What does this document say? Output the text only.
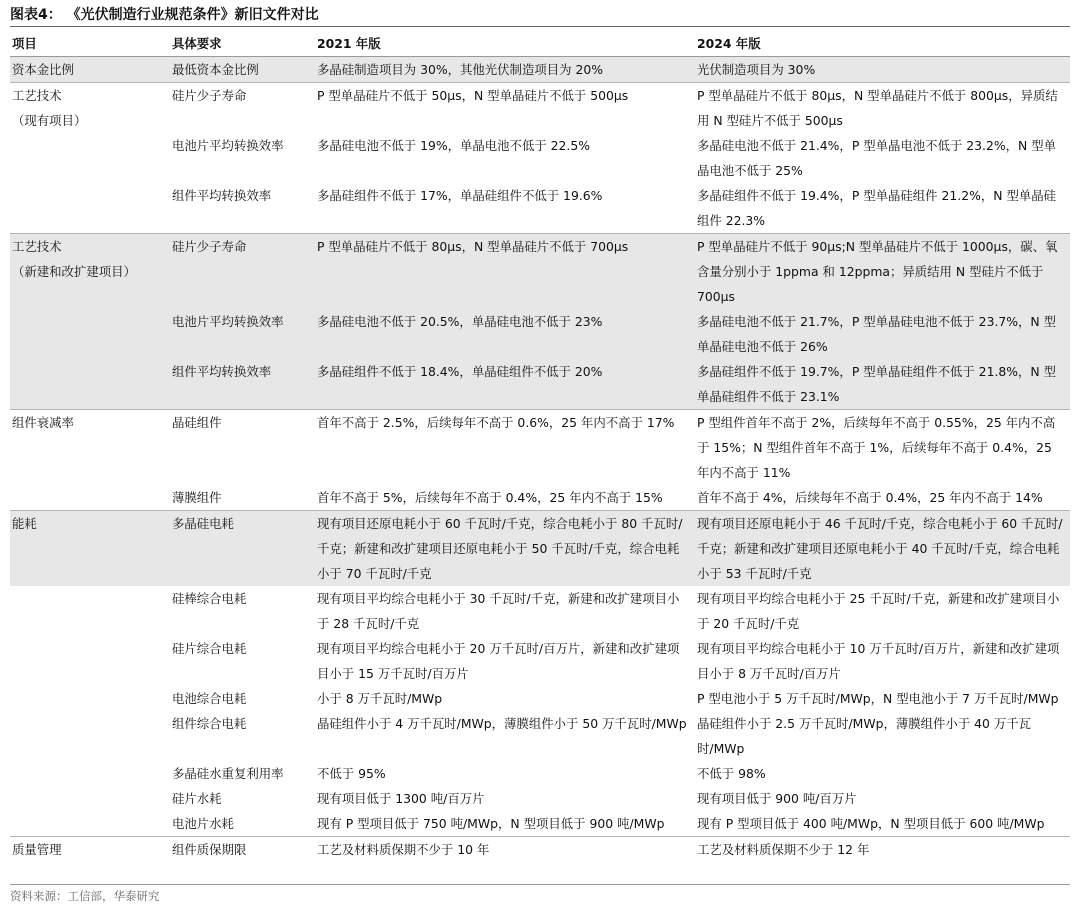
图表4： 《光伏制造行业规范条件》新旧文件对比
项目	具体要求	2021 年版	2024 年版
资本金比例	最低资本金比例	多晶硅制造项目为 30%，其他光伏制造项目为 20%	光伏制造项目为 30%
工艺技术
（现有项目）	硅片少子寿命	P 型单晶硅片不低于 50μs，N 型单晶硅片不低于 500μs	P 型单晶硅片不低于 80μs，N 型单晶硅片不低于 800μs，异质结用 N 型硅片不低于 500μs
	电池片平均转换效率	多晶硅电池不低于 19%，单晶电池不低于 22.5%	多晶硅电池不低于 21.4%，P 型单晶电池不低于 23.2%，N 型单晶电池不低于 25%
	组件平均转换效率	多晶硅组件不低于 17%，单晶硅组件不低于 19.6%	多晶硅组件不低于 19.4%，P 型单晶硅组件 21.2%，N 型单晶硅组件 22.3%
工艺技术
（新建和改扩建项目）	硅片少子寿命	P 型单晶硅片不低于 80μs，N 型单晶硅片不低于 700μs	P 型单晶硅片不低于 90μs;N 型单晶硅片不低于 1000μs，碳、氧含量分别小于 1ppma 和 12ppma；异质结用 N 型硅片不低于 700μs
	电池片平均转换效率	多晶硅电池不低于 20.5%，单晶硅电池不低于 23%	多晶硅电池不低于 21.7%，P 型单晶硅电池不低于 23.7%，N 型单晶硅电池不低于 26%
	组件平均转换效率	多晶硅组件不低于 18.4%，单晶硅组件不低于 20%	多晶硅组件不低于 19.7%，P 型单晶硅组件不低于 21.8%，N 型单晶硅组件不低于 23.1%
组件衰减率	晶硅组件	首年不高于 2.5%，后续每年不高于 0.6%，25 年内不高于 17%	P 型组件首年不高于 2%，后续每年不高于 0.55%，25 年内不高于 15%；N 型组件首年不高于 1%，后续每年不高于 0.4%，25 年内不高于 11%
	薄膜组件	首年不高于 5%，后续每年不高于 0.4%，25 年内不高于 15%	首年不高于 4%，后续每年不高于 0.4%，25 年内不高于 14%
能耗	多晶硅电耗	现有项目还原电耗小于 60 千瓦时/千克，综合电耗小于 80 千瓦时/千克；新建和改扩建项目还原电耗小于 50 千瓦时/千克，综合电耗小于 70 千瓦时/千克	现有项目还原电耗小于 46 千瓦时/千克，综合电耗小于 60 千瓦时/千克；新建和改扩建项目还原电耗小于 40 千瓦时/千克，综合电耗小于 53 千瓦时/千克
	硅棒综合电耗	现有项目平均综合电耗小于 30 千瓦时/千克，新建和改扩建项目小于 28 千瓦时/千克	现有项目平均综合电耗小于 25 千瓦时/千克，新建和改扩建项目小于 20 千瓦时/千克
	硅片综合电耗	现有项目平均综合电耗小于 20 万千瓦时/百万片，新建和改扩建项目小于 15 万千瓦时/百万片	现有项目平均综合电耗小于 10 万千瓦时/百万片，新建和改扩建项目小于 8 万千瓦时/百万片
	电池综合电耗	小于 8 万千瓦时/MWp	P 型电池小于 5 万千瓦时/MWp，N 型电池小于 7 万千瓦时/MWp
	组件综合电耗	晶硅组件小于 4 万千瓦时/MWp，薄膜组件小于 50 万千瓦时/MWp	晶硅组件小于 2.5 万千瓦时/MWp，薄膜组件小于 40 万千瓦时/MWp
	多晶硅水重复利用率	不低于 95%	不低于 98%
	硅片水耗	现有项目低于 1300 吨/百万片	现有项目低于 900 吨/百万片
	电池片水耗	现有 P 型项目低于 750 吨/MWp，N 型项目低于 900 吨/MWp	现有 P 型项目低于 400 吨/MWp，N 型项目低于 600 吨/MWp
质量管理	组件质保期限	工艺及材料质保期不少于 10 年	工艺及材料质保期不少于 12 年
资料来源：工信部，华泰研究
